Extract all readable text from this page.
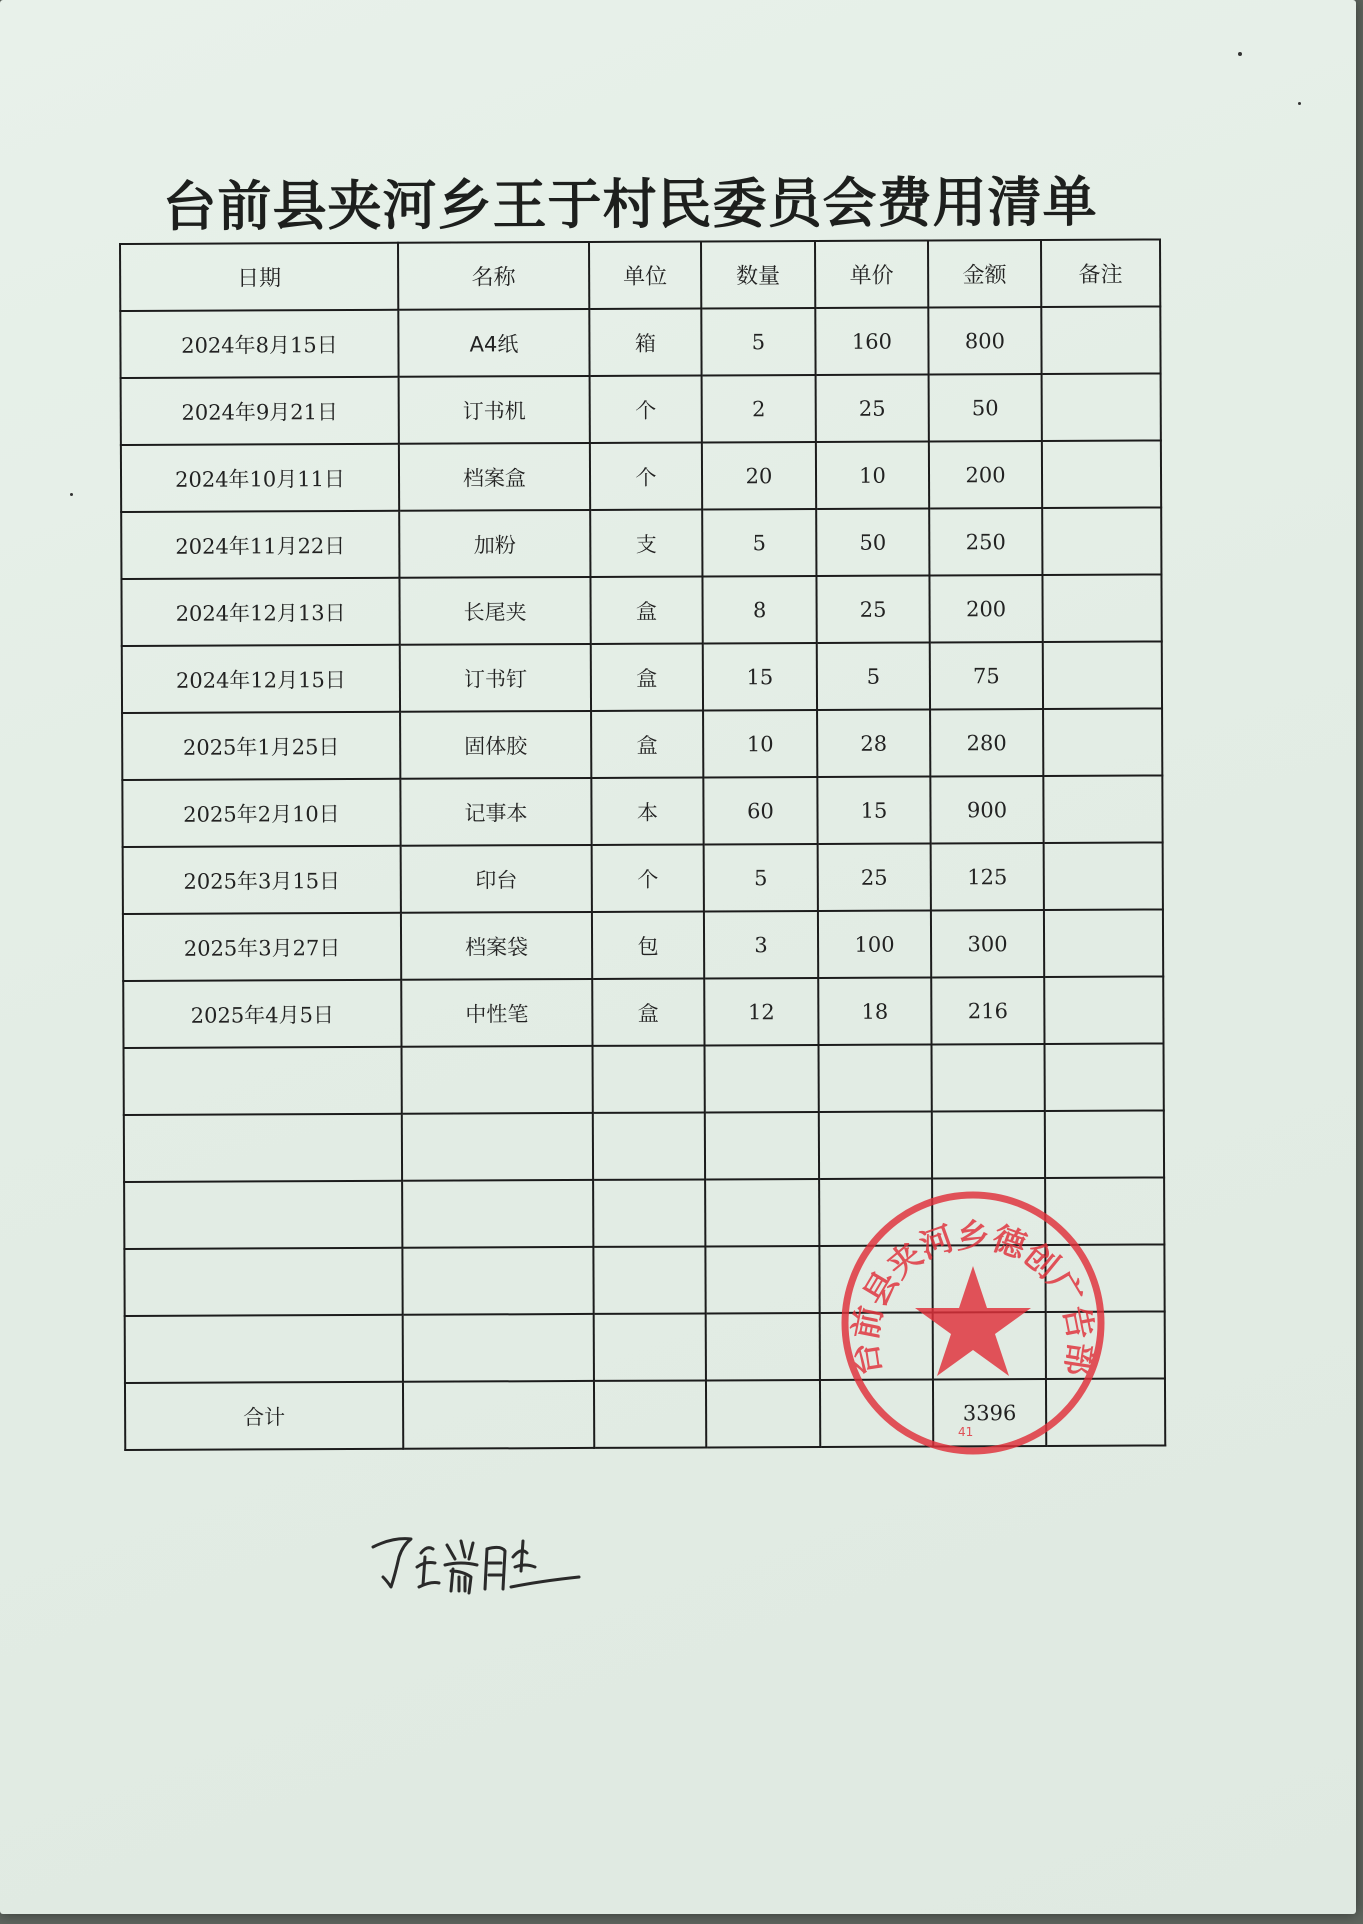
台前县夹河乡王于村民委员会费用清单
日期	名称	单位	数量	单价	金额	备注
2024年8月15日	A4纸	箱	5	160	800	
2024年9月21日	订书机	个	2	25	50	
2024年10月11日	档案盒	个	20	10	200	
2024年11月22日	加粉	支	5	50	250	
2024年12月13日	长尾夹	盒	8	25	200	
2024年12月15日	订书钉	盒	15	5	75	
2025年1月25日	固体胶	盒	10	28	280	
2025年2月10日	记事本	本	60	15	900	
2025年3月15日	印台	个	5	25	125	
2025年3月27日	档案袋	包	3	100	300	
2025年4月5日	中性笔	盒	12	18	216	

合计					3396	
台前县夹河乡德创广告部
41
